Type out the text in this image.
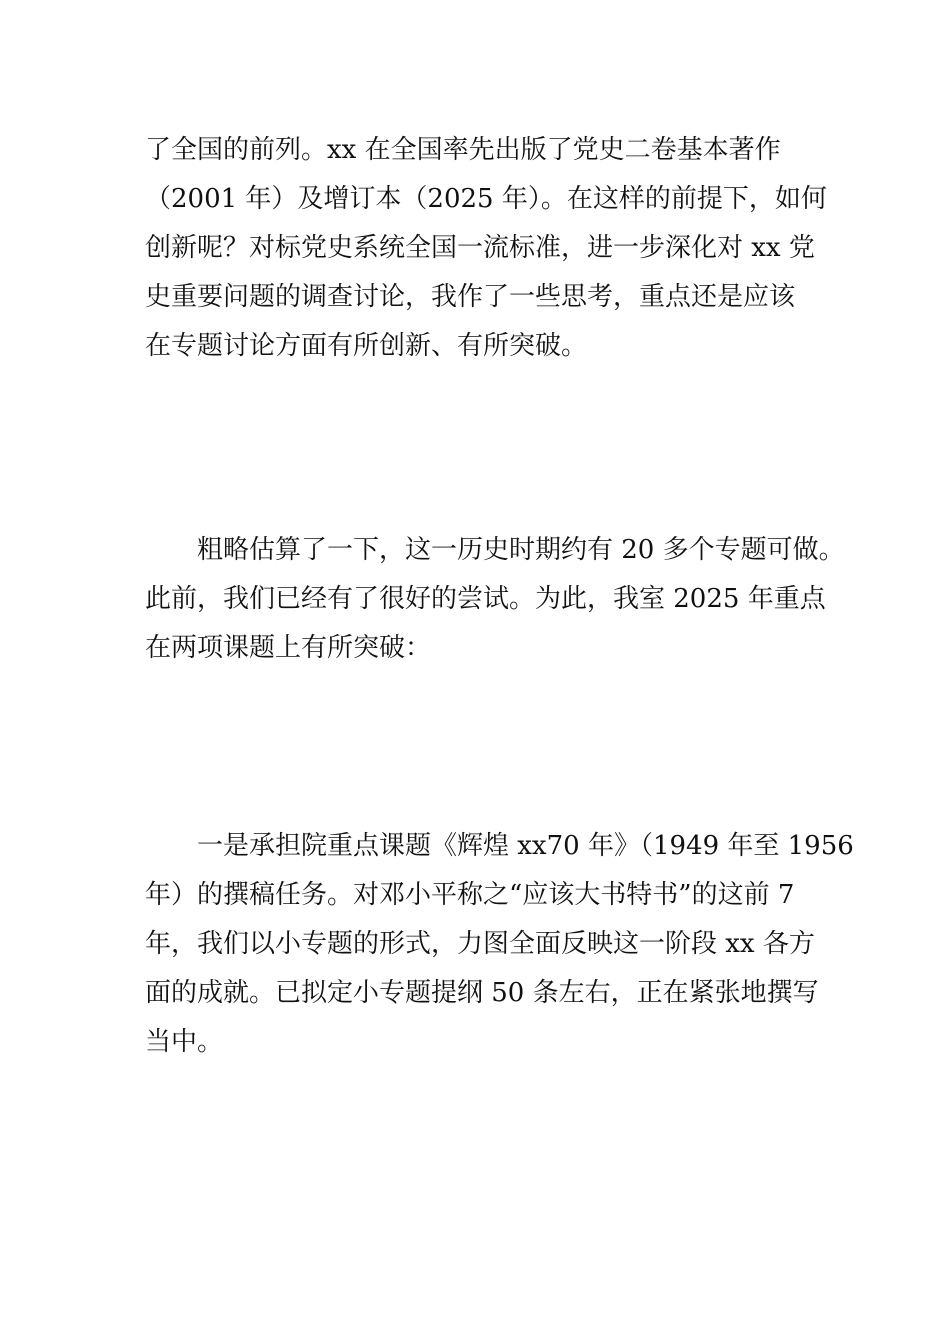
了全国的前列。xx 在全国率先出版了党史二卷基本著作
（2001 年）及增订本（2025 年）。在这样的前提下，如何
创新呢？对标党史系统全国一流标准，进一步深化对 xx 党
史重要问题的调查讨论，我作了一些思考，重点还是应该
在专题讨论方面有所创新、有所突破。
　　粗略估算了一下，这一历史时期约有 20 多个专题可做。
此前，我们已经有了很好的尝试。为此，我室 2025 年重点
在两项课题上有所突破：
　　一是承担院重点课题《辉煌 xx70 年》（1949 年至 1956
年）的撰稿任务。对邓小平称之“应该大书特书”的这前 7
年，我们以小专题的形式，力图全面反映这一阶段 xx 各方
面的成就。已拟定小专题提纲 50 条左右，正在紧张地撰写
当中。
